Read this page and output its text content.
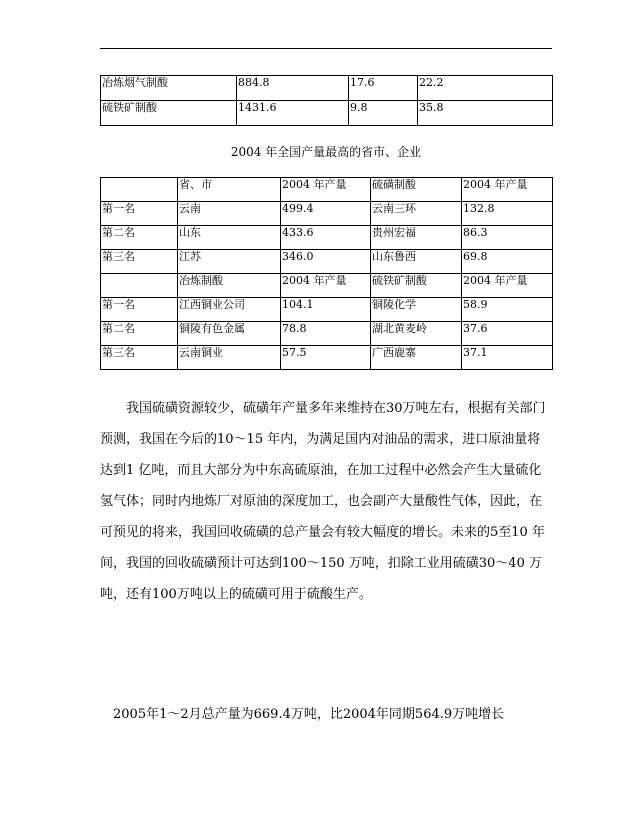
冶炼烟气制酸	884.8	17.6	22.2
硫铁矿制酸	1431.6	9.8	35.8
2004 年全国产量最高的省市、企业
	省、市	2004 年产量	硫磺制酸	2004 年产量
第一名	云南	499.4	云南三环	132.8
第二名	山东	433.6	贵州宏福	86.3
第三名	江苏	346.0	山东鲁西	69.8
	冶炼制酸	2004 年产量	硫铁矿制酸	2004 年产量
第一名	江西铜业公司	104.1	铜陵化学	58.9
第二名	铜陵有色金属	78.8	湖北黄麦岭	37.6
第三名	云南铜业	57.5	广西鹿寨	37.1

我国硫磺资源较少，硫磺年产量多年来维持在30万吨左右，根据有关部门预测，我国在今后的10～15 年内，为满足国内对油品的需求，进口原油量将达到1 亿吨，而且大部分为中东高硫原油，在加工过程中必然会产生大量硫化氢气体；同时内地炼厂对原油的深度加工，也会副产大量酸性气体，因此，在可预见的将来，我国回收硫磺的总产量会有较大幅度的增长。未来的5至10 年间，我国的回收硫磺预计可达到100～150 万吨，扣除工业用硫磺30～40 万吨，还有100万吨以上的硫磺可用于硫酸生产。

2005年1～2月总产量为669.4万吨，比2004年同期564.9万吨增长
